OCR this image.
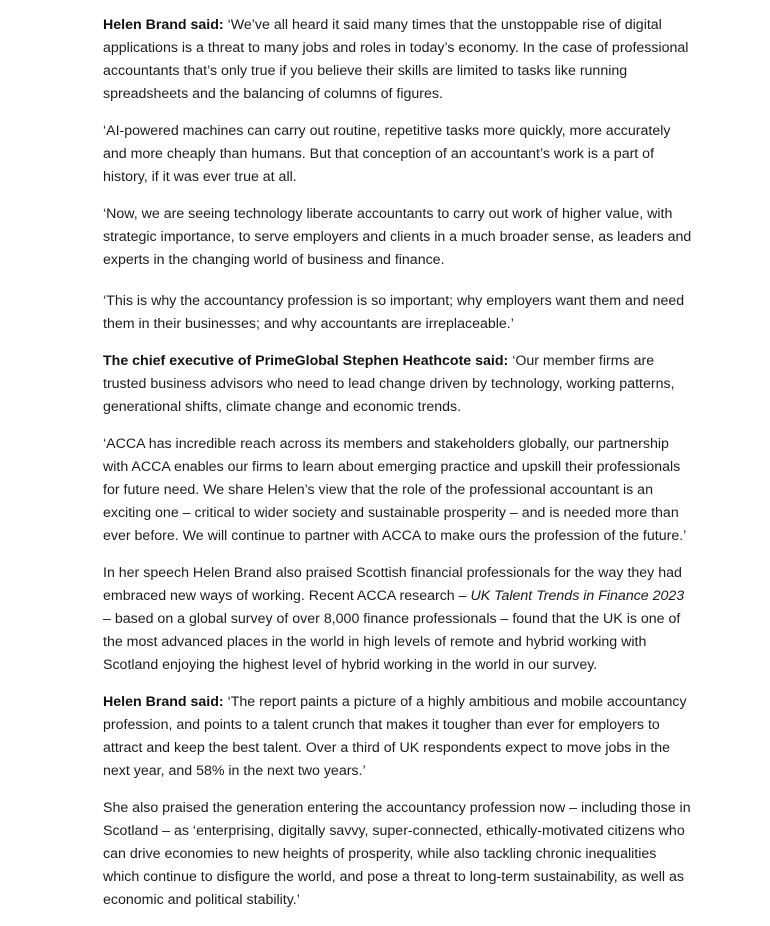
Helen Brand said: ‘We’ve all heard it said many times that the unstoppable rise of digital applications is a threat to many jobs and roles in today’s economy. In the case of professional accountants that’s only true if you believe their skills are limited to tasks like running spreadsheets and the balancing of columns of figures.

‘AI-powered machines can carry out routine, repetitive tasks more quickly, more accurately and more cheaply than humans. But that conception of an accountant’s work is a part of history, if it was ever true at all.

‘Now, we are seeing technology liberate accountants to carry out work of higher value, with strategic importance, to serve employers and clients in a much broader sense, as leaders and experts in the changing world of business and finance.

‘This is why the accountancy profession is so important; why employers want them and need them in their businesses; and why accountants are irreplaceable.’

The chief executive of PrimeGlobal Stephen Heathcote said: ‘Our member firms are trusted business advisors who need to lead change driven by technology, working patterns, generational shifts, climate change and economic trends.

‘ACCA has incredible reach across its members and stakeholders globally, our partnership with ACCA enables our firms to learn about emerging practice and upskill their professionals for future need. We share Helen’s view that the role of the professional accountant is an exciting one – critical to wider society and sustainable prosperity – and is needed more than ever before. We will continue to partner with ACCA to make ours the profession of the future.’

In her speech Helen Brand also praised Scottish financial professionals for the way they had embraced new ways of working. Recent ACCA research – UK Talent Trends in Finance 2023 – based on a global survey of over 8,000 finance professionals – found that the UK is one of the most advanced places in the world in high levels of remote and hybrid working with Scotland enjoying the highest level of hybrid working in the world in our survey.

Helen Brand said: ‘The report paints a picture of a highly ambitious and mobile accountancy profession, and points to a talent crunch that makes it tougher than ever for employers to attract and keep the best talent. Over a third of UK respondents expect to move jobs in the next year, and 58% in the next two years.’

She also praised the generation entering the accountancy profession now – including those in Scotland – as ‘enterprising, digitally savvy, super-connected, ethically-motivated citizens who can drive economies to new heights of prosperity, while also tackling chronic inequalities which continue to disfigure the world, and pose a threat to long-term sustainability, as well as economic and political stability.’
